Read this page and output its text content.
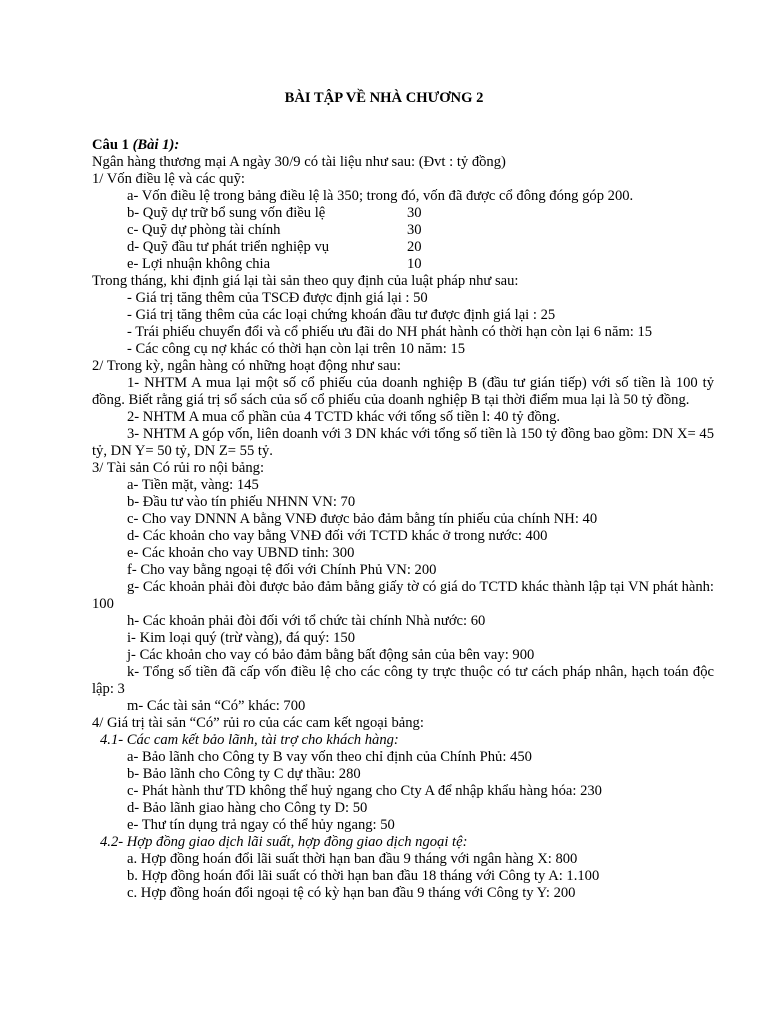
BÀI TẬP VỀ NHÀ CHƯƠNG 2
Câu 1 (Bài 1):
Ngân hàng thương mại A ngày 30/9 có tài liệu như sau: (Đvt : tỷ đồng)
1/ Vốn điều lệ và các quỹ:
a- Vốn điều lệ trong bảng điều lệ là 350; trong đó, vốn đã được cổ đông đóng góp 200.
b- Quỹ dự trữ bổ sung vốn điều lệ	30
c- Quỹ dự phòng tài chính	30
d- Quỹ đầu tư phát triển nghiệp vụ	20
e- Lợi nhuận không chia	10
Trong tháng, khi định giá lại tài sản theo quy định của luật pháp như sau:
- Giá trị tăng thêm của TSCĐ được định giá lại : 50
- Giá trị tăng thêm của các loại chứng khoán đầu tư được định giá lại : 25
- Trái phiếu chuyển đổi và cổ phiếu ưu đãi do NH phát hành có thời hạn còn lại 6 năm: 15
- Các công cụ nợ khác có thời hạn còn lại trên 10 năm: 15
2/ Trong kỳ, ngân hàng có những hoạt động như sau:
1- NHTM A mua lại một số cổ phiếu của doanh nghiệp B (đầu tư gián tiếp) với số tiền là 100 tỷ đồng. Biết rằng giá trị sổ sách của số cổ phiếu của doanh nghiệp B tại thời điểm mua lại là 50 tỷ đồng.
2- NHTM A mua cổ phần của 4 TCTD khác với tổng số tiền l: 40 tỷ đồng.
3- NHTM A góp vốn, liên doanh với 3 DN khác với tổng số tiền là 150 tỷ đồng bao gồm: DN X= 45 tỷ, DN Y= 50 tỷ, DN Z= 55 tỷ.
3/ Tài sản Có rủi ro nội bảng:
a- Tiền mặt, vàng: 145
b- Đầu tư vào tín phiếu NHNN VN: 70
c- Cho vay DNNN A bằng VNĐ được bảo đảm bằng tín phiếu của chính NH: 40
d- Các khoản cho vay bằng VNĐ đối với TCTD khác ở trong nước: 400
e- Các khoản cho vay UBND tỉnh: 300
f- Cho vay bằng ngoại tệ đối với Chính Phủ VN: 200
g- Các khoản phải đòi được bảo đảm bằng giấy tờ có giá do TCTD khác thành lập tại VN phát hành: 100
h- Các khoản phải đòi đối với tổ chức tài chính Nhà nước: 60
i- Kim loại quý (trừ vàng), đá quý: 150
j- Các khoản cho vay có bảo đảm bằng bất động sản của bên vay: 900
k- Tổng số tiền đã cấp vốn điều lệ cho các công ty trực thuộc có tư cách pháp nhân, hạch toán độc lập: 3
m- Các tài sản “Có” khác: 700
4/ Giá trị tài sản “Có” rủi ro của các cam kết ngoại bảng:
4.1- Các cam kết bảo lãnh, tài trợ cho khách hàng:
a- Bảo lãnh cho Công ty B vay vốn theo chỉ định của Chính Phủ: 450
b- Bảo lãnh cho Công ty C dự thầu: 280
c- Phát hành thư TD không thể huỷ ngang cho Cty A để nhập khẩu hàng hóa: 230
d- Bảo lãnh giao hàng cho Công ty D: 50
e- Thư tín dụng trả ngay có thể hủy ngang: 50
4.2- Hợp đồng giao dịch lãi suất, hợp đồng giao dịch ngoại tệ:
a. Hợp đồng hoán đổi lãi suất thời hạn ban đầu 9 tháng với ngân hàng X: 800
b. Hợp đồng hoán đổi lãi suất có thời hạn ban đầu 18 tháng với Công ty A: 1.100
c. Hợp đồng hoán đổi ngoại tệ có kỳ hạn ban đầu 9 tháng với Công ty Y: 200
